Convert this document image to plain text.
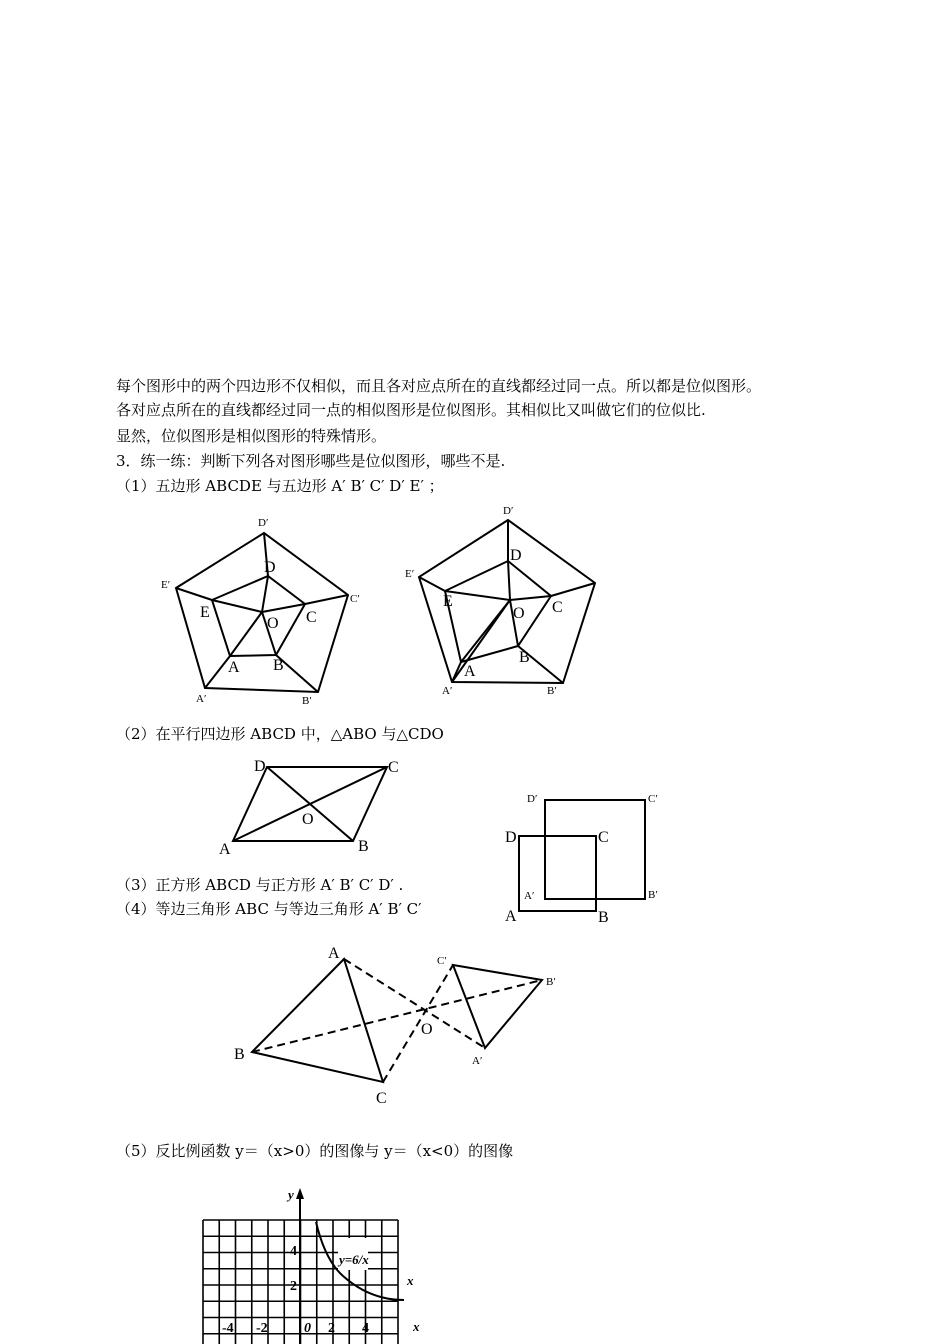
每个图形中的两个四边形不仅相似，而且各对应点所在的直线都经过同一点。所以都是位似图形。
各对应点所在的直线都经过同一点的相似图形是位似图形。其相似比又叫做它们的位似比.
显然，位似图形是相似图形的特殊情形。
3．练一练：判断下列各对图形哪些是位似图形，哪些不是.
（1）五边形 ABCDE 与五边形 A′ B′ C′ D′ E′ ；
（2）在平行四边形 ABCD 中，△ABO 与△CDO
（3）正方形 ABCD 与正方形 A′ B′ C′ D′ .
（4）等边三角形 ABC 与等边三角形 A′ B′ C′
（5）反比例函数 y＝（x>0）的图像与 y＝（x<0）的图像
A′	B′
C′
D′
E′
A B
C
D
E
O
A′	B′
D′
E′
A
B
C
D
E
O
A	B
C
D
O
A	B
C
D
A′	B′
C′
D′
A
B
C
A′
B′
C′
O
y
x
x
y=6/x
4
2
-4 -2	0 2 4
